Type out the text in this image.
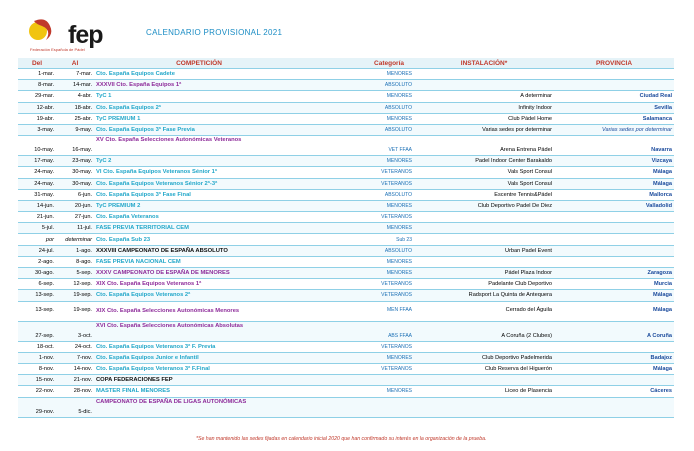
fep
Federación Española de Pádel
CALENDARIO PROVISIONAL 2021
Del	Al	COMPETICIÓN	Categoría	INSTALACIÓN*	PROVINCIA
1-mar.	7-mar.	Cto. España Equipos Cadete	MENORES		
8-mar.	14-mar.	XXXVII Cto. España Equipos 1ª	ABSOLUTO		
29-mar.	4-abr.	TyC 1	MENORES	A determinar	Ciudad Real
12-abr.	18-abr.	Cto. España Equipos 2ª	ABSOLUTO	Infinity Indoor	Sevilla
19-abr.	25-abr.	TyC PREMIUM 1	MENORES	Club Pádel Home	Salamanca
3-may.	9-may.	Cto. España Equipos 3ª Fase Previa	ABSOLUTO	Varias sedes por determinar	Varias sedes por determinar
10-may.	16-may.	XV Cto. España Selecciones Autonómicas Veteranos	VET FFAA	Arena Entrena Pádel	Navarra
17-may.	23-may.	TyC 2	MENORES	Padel Indoor Center Barakaldo	Vizcaya
24-may.	30-may.	VI Cto. España Equipos Veteranos Sénior 1ª	VETERANOS	Vals Sport Consul	Málaga
24-may.	30-may.	Cto. España Equipos Veteranos Sénior 2ª-3ª	VETERANOS	Vals Sport Consul	Málaga
31-may.	6-jun.	Cto. España Equipos 3ª Fase Final	ABSOLUTO	Escentre Tennis&Pádel	Mallorca
14-jun.	20-jun.	TyC PREMIUM 2	MENORES	Club Deportivo Padel De Diez	Valladolid
21-jun.	27-jun.	Cto. España Veteranos	VETERANOS		
5-jul.	11-jul.	FASE PREVIA TERRITORIAL CEM	MENORES		
por	determinar	Cto. España Sub 23	Sub 23		
24-jul.	1-ago.	XXXVIII CAMPEONATO DE ESPAÑA ABSOLUTO	ABSOLUTO	Urban Padel Event	
2-ago.	8-ago.	FASE PREVIA NACIONAL CEM	MENORES		
30-ago.	5-sep.	XXXV CAMPEONATO DE ESPAÑA DE MENORES	MENORES	Pádel Plaza Indoor	Zaragoza
6-sep.	12-sep.	XIX Cto. España Equipos Veteranos 1ª	VETERANOS	Padelante Club Deportivo	Murcia
13-sep.	19-sep.	Cto. España Equipos Veteranos 2ª	VETERANOS	Radsport La Quinta de Antequera	Málaga
13-sep.	19-sep.	XIX Cto. España Selecciones Autonómicas Menores	MEN FFAA	Cerrado del Águila	Málaga
27-sep.	3-oct.	XVI Cto. España Selecciones Autonómicas Absolutas	ABS FFAA	A Coruña (2 Clubes)	A Coruña
18-oct.	24-oct.	Cto. España Equipos Veteranos 3ª F. Previa	VETERANOS		
1-nov.	7-nov.	Cto. España Equipos Junior e Infantil	MENORES	Club Deportivo Padelmerida	Badajoz
8-nov.	14-nov.	Cto. España Equipos Veteranos 3ª F.Final	VETERANOS	Club Reserva del Higuerón	Málaga
15-nov.	21-nov.	COPA FEDERACIONES FEP			
22-nov.	28-nov.	MASTER FINAL MENORES	MENORES	Liceo de Plasencia	Cáceres
29-nov.	5-dic.	CAMPEONATO DE ESPAÑA DE LIGAS AUTONÓMICAS			
*Se han mantenido las sedes fijadas en calendario inicial 2020 que han confirmado su interés en la organización de la prueba.
